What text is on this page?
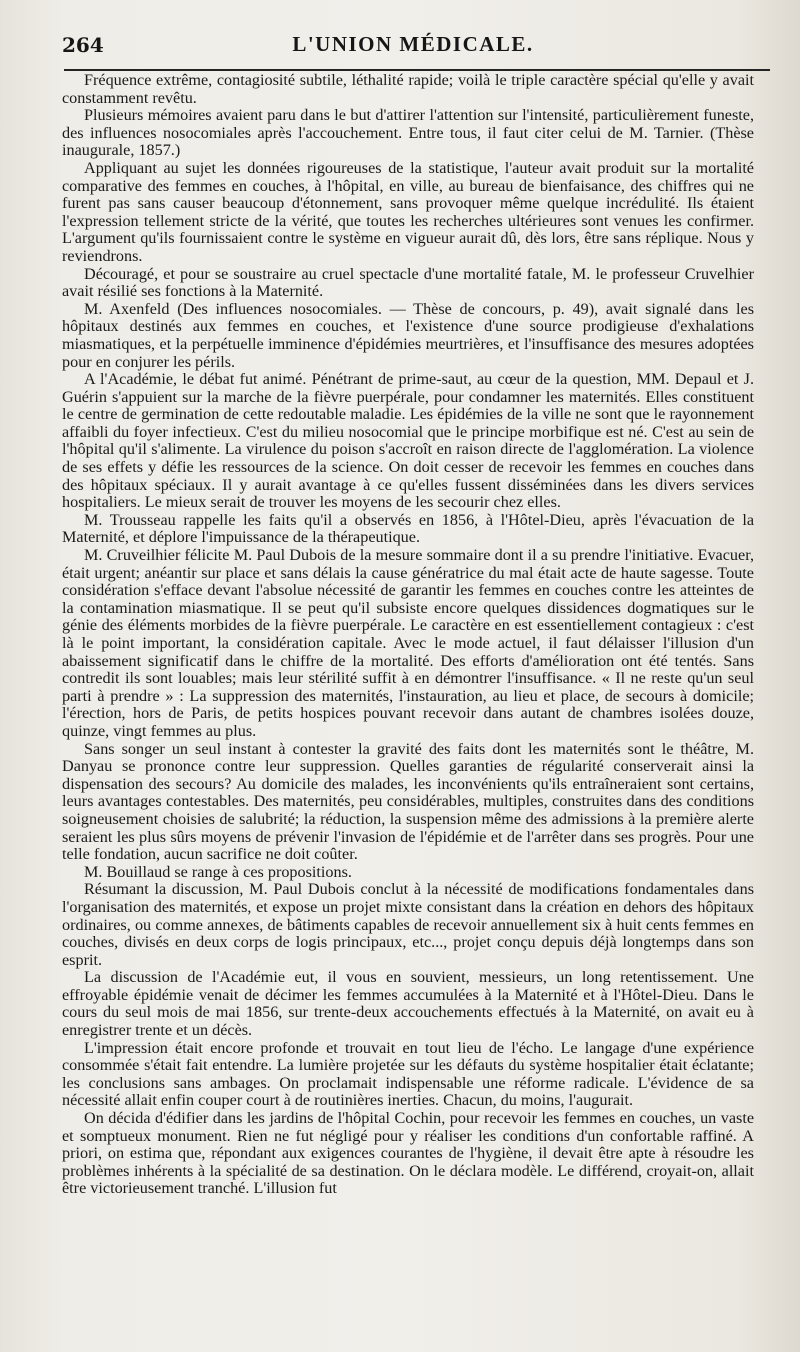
264	L'UNION MÉDICALE.

Fréquence extrême, contagiosité subtile, léthalité rapide; voilà le triple caractère spécial qu'elle y avait constamment revêtu.

Plusieurs mémoires avaient paru dans le but d'attirer l'attention sur l'intensité, particulièrement funeste, des influences nosocomiales après l'accouchement. Entre tous, il faut citer celui de M. Tarnier. (Thèse inaugurale, 1857.)

Appliquant au sujet les données rigoureuses de la statistique, l'auteur avait produit sur la mortalité comparative des femmes en couches, à l'hôpital, en ville, au bureau de bienfaisance, des chiffres qui ne furent pas sans causer beaucoup d'étonnement, sans provoquer même quelque incrédulité. Ils étaient l'expression tellement stricte de la vérité, que toutes les recherches ultérieures sont venues les confirmer. L'argument qu'ils fournissaient contre le système en vigueur aurait dû, dès lors, être sans réplique. Nous y reviendrons.

Découragé, et pour se soustraire au cruel spectacle d'une mortalité fatale, M. le professeur Cruvelhier avait résilié ses fonctions à la Maternité.

M. Axenfeld (Des influences nosocomiales. — Thèse de concours, p. 49), avait signalé dans les hôpitaux destinés aux femmes en couches, et l'existence d'une source prodigieuse d'exhalations miasmatiques, et la perpétuelle imminence d'épidémies meurtrières, et l'insuffisance des mesures adoptées pour en conjurer les périls.

A l'Académie, le débat fut animé. Pénétrant de prime-saut, au cœur de la question, MM. Depaul et J. Guérin s'appuient sur la marche de la fièvre puerpérale, pour condamner les maternités. Elles constituent le centre de germination de cette redoutable maladie. Les épidémies de la ville ne sont que le rayonnement affaibli du foyer infectieux. C'est du milieu nosocomial que le principe morbifique est né. C'est au sein de l'hôpital qu'il s'alimente. La virulence du poison s'accroît en raison directe de l'agglomération. La violence de ses effets y défie les ressources de la science. On doit cesser de recevoir les femmes en couches dans des hôpitaux spéciaux. Il y aurait avantage à ce qu'elles fussent disséminées dans les divers services hospitaliers. Le mieux serait de trouver les moyens de les secourir chez elles.

M. Trousseau rappelle les faits qu'il a observés en 1856, à l'Hôtel-Dieu, après l'évacuation de la Maternité, et déplore l'impuissance de la thérapeutique.

M. Cruveilhier félicite M. Paul Dubois de la mesure sommaire dont il a su prendre l'initiative. Evacuer, était urgent; anéantir sur place et sans délais la cause génératrice du mal était acte de haute sagesse. Toute considération s'efface devant l'absolue nécessité de garantir les femmes en couches contre les atteintes de la contamination miasmatique. Il se peut qu'il subsiste encore quelques dissidences dogmatiques sur le génie des éléments morbides de la fièvre puerpérale. Le caractère en est essentiellement contagieux : c'est là le point important, la considération capitale. Avec le mode actuel, il faut délaisser l'illusion d'un abaissement significatif dans le chiffre de la mortalité. Des efforts d'amélioration ont été tentés. Sans contredit ils sont louables; mais leur stérilité suffit à en démontrer l'insuffisance. « Il ne reste qu'un seul parti à prendre » : La suppression des maternités, l'instauration, au lieu et place, de secours à domicile; l'érection, hors de Paris, de petits hospices pouvant recevoir dans autant de chambres isolées douze, quinze, vingt femmes au plus.

Sans songer un seul instant à contester la gravité des faits dont les maternités sont le théâtre, M. Danyau se prononce contre leur suppression. Quelles garanties de régularité conserverait ainsi la dispensation des secours? Au domicile des malades, les inconvénients qu'ils entraîneraient sont certains, leurs avantages contestables. Des maternités, peu considérables, multiples, construites dans des conditions soigneusement choisies de salubrité; la réduction, la suspension même des admissions à la première alerte seraient les plus sûrs moyens de prévenir l'invasion de l'épidémie et de l'arrêter dans ses progrès. Pour une telle fondation, aucun sacrifice ne doit coûter.

M. Bouillaud se range à ces propositions.

Résumant la discussion, M. Paul Dubois conclut à la nécessité de modifications fondamentales dans l'organisation des maternités, et expose un projet mixte consistant dans la création en dehors des hôpitaux ordinaires, ou comme annexes, de bâtiments capables de recevoir annuellement six à huit cents femmes en couches, divisés en deux corps de logis principaux, etc..., projet conçu depuis déjà longtemps dans son esprit.

La discussion de l'Académie eut, il vous en souvient, messieurs, un long retentissement. Une effroyable épidémie venait de décimer les femmes accumulées à la Maternité et à l'Hôtel-Dieu. Dans le cours du seul mois de mai 1856, sur trente-deux accouchements effectués à la Maternité, on avait eu à enregistrer trente et un décès.

L'impression était encore profonde et trouvait en tout lieu de l'écho. Le langage d'une expérience consommée s'était fait entendre. La lumière projetée sur les défauts du système hospitalier était éclatante; les conclusions sans ambages. On proclamait indispensable une réforme radicale. L'évidence de sa nécessité allait enfin couper court à de routinières inerties. Chacun, du moins, l'augurait.

On décida d'édifier dans les jardins de l'hôpital Cochin, pour recevoir les femmes en couches, un vaste et somptueux monument. Rien ne fut négligé pour y réaliser les conditions d'un confortable raffiné. A priori, on estima que, répondant aux exigences courantes de l'hygiène, il devait être apte à résoudre les problèmes inhérents à la spécialité de sa destination. On le déclara modèle. Le différend, croyait-on, allait être victorieusement tranché. L'illusion fut
